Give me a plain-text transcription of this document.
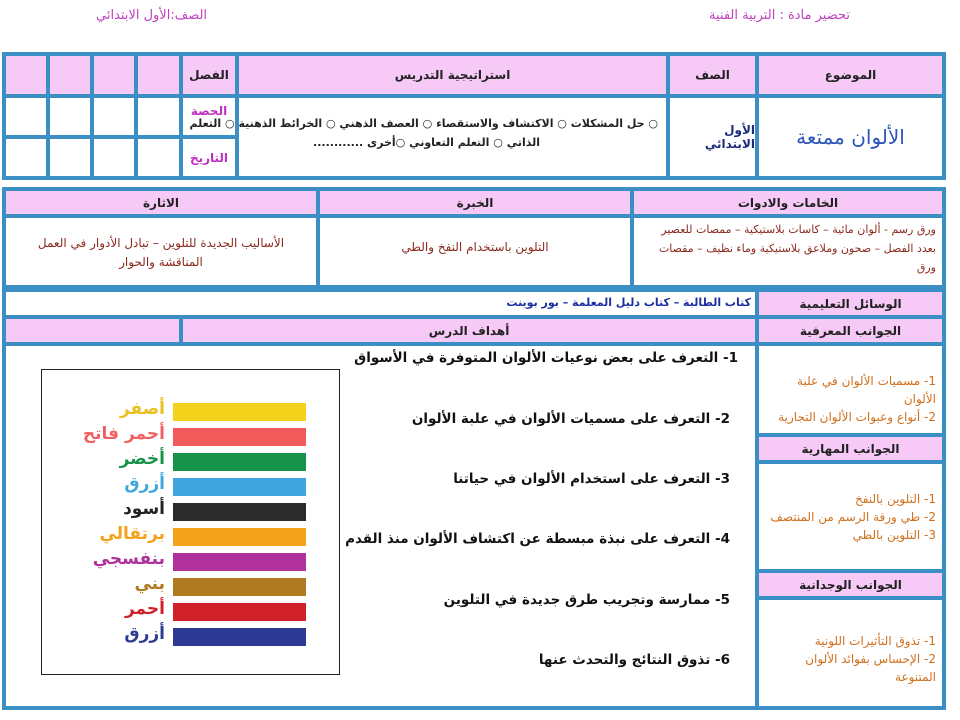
تحضير مادة : التربية الفنية
الصف:الأول الابتدائي
الموضوع
الألوان ممتعة
الصف
الأول الابتدائي
استراتيجية التدريس
○ حل المشكلات ○ الاكتشاف والاستقصاء ○ العصف الذهني ○ الخرائط الذهنية ○ التعلم
الذاتي ○ التعلم التعاوني ○أخرى ............
الفصل
الحصة
التاريخ
الخامات والادوات
ورق رسم - ألوان مائية – كاسات بلاستيكية – ممصات للعصير بعدد الفصل – صحون وملاعق بلاستيكية وماء نظيف – مقصات ورق
الخبرة
التلوين باستخدام النفخ والطي
الاثارة
الأساليب الجديدة للتلوين – تبادل الأدوار في العمل المناقشة والحوار
الوسائل التعليمية
كتاب الطالبة – كتاب دليل المعلمة – بور بوينت
الجوانب المعرفية
أهداف الدرس
1- مسميات الألوان في علبة الألوان
2- أنواع وعبوات الألوان التجارية
الجوانب المهارية
1- التلوين بالنفخ
2- طي ورقة الرسم من المنتصف
3- التلوين بالطي
الجوانب الوجدانية
1- تذوق التأثيرات اللونية
2- الإحساس بفوائد الألوان المتنوعة
1- التعرف على بعض نوعيات الألوان المتوفرة في الأسواق
2- التعرف على مسميات الألوان في علبة الألوان
3- التعرف على استخدام الألوان في حياتنا
4- التعرف على نبذة مبسطة عن اكتشاف الألوان منذ القدم
5- ممارسة وتجريب طرق جديدة في التلوين
6- تذوق النتائج والتحدث عنها
أصفر
أحمر فاتح
أخضر
أزرق
أسود
برتقالي
بنفسجي
بني
أحمر
أزرق
